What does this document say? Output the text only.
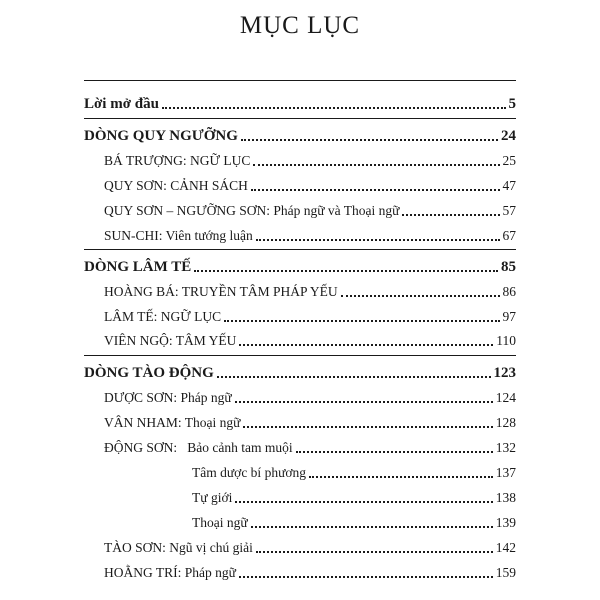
MỤC LỤC
Lời mở đầu	5
DÒNG QUY NGƯỠNG	24
BÁ TRƯỢNG: NGỮ LỤC	25
QUY SƠN: CẢNH SÁCH	47
QUY SƠN – NGƯỠNG SƠN: Pháp ngữ và Thoại ngữ	57
SUN-CHI: Viên tướng luận	67
DÒNG LÂM TẾ	85
HOÀNG BÁ: TRUYỀN TÂM PHÁP YẾU	86
LÂM TẾ: NGỮ LỤC	97
VIÊN NGỘ: TÂM YẾU	110
DÒNG TÀO ĐỘNG	123
DƯỢC SƠN: Pháp ngữ	124
VÂN NHAM: Thoại ngữ	128
ĐỘNG SƠN:   Bảo cảnh tam muội	132
Tâm dược bí phương	137
Tự giới	138
Thoại ngữ	139
TÀO SƠN: Ngũ vị chú giải	142
HOẰNG TRÍ: Pháp ngữ	159
